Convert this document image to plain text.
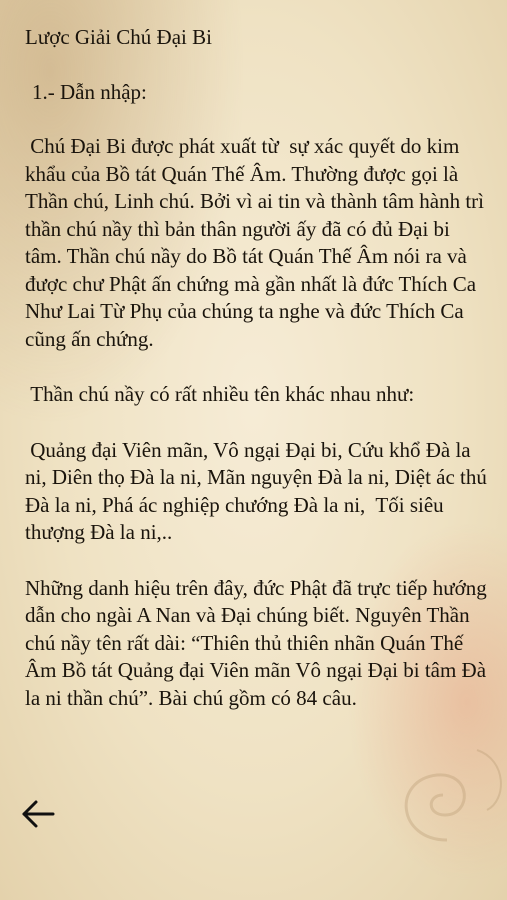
Lược Giải Chú Đại Bi
1.- Dẫn nhập:

Chú Đại Bi được phát xuất từ  sự xác quyết do kim khẩu của Bồ tát Quán Thế Âm. Thường được gọi là Thần chú, Linh chú. Bởi vì ai tin và thành tâm hành trì thần chú nầy thì bản thân người ấy đã có đủ Đại bi tâm. Thần chú nầy do Bồ tát Quán Thế Âm nói ra và được chư Phật ấn chứng mà gần nhất là đức Thích Ca Như Lai Từ Phụ của chúng ta nghe và đức Thích Ca cũng ấn chứng.

Thần chú nầy có rất nhiều tên khác nhau như:

Quảng đại Viên mãn, Vô ngại Đại bi, Cứu khổ Đà la ni, Diên thọ Đà la ni, Mãn nguyện Đà la ni, Diệt ác thú Đà la ni, Phá ác nghiệp chướng Đà la ni,  Tối siêu thượng Đà la ni,..

Những danh hiệu trên đây, đức Phật đã trực tiếp hướng dẫn cho ngài A Nan và Đại chúng biết. Nguyên Thần chú nầy tên rất dài: “Thiên thủ thiên nhãn Quán Thế Âm Bồ tát Quảng đại Viên mãn Vô ngại Đại bi tâm Đà la ni thần chú”. Bài chú gồm có 84 câu.
